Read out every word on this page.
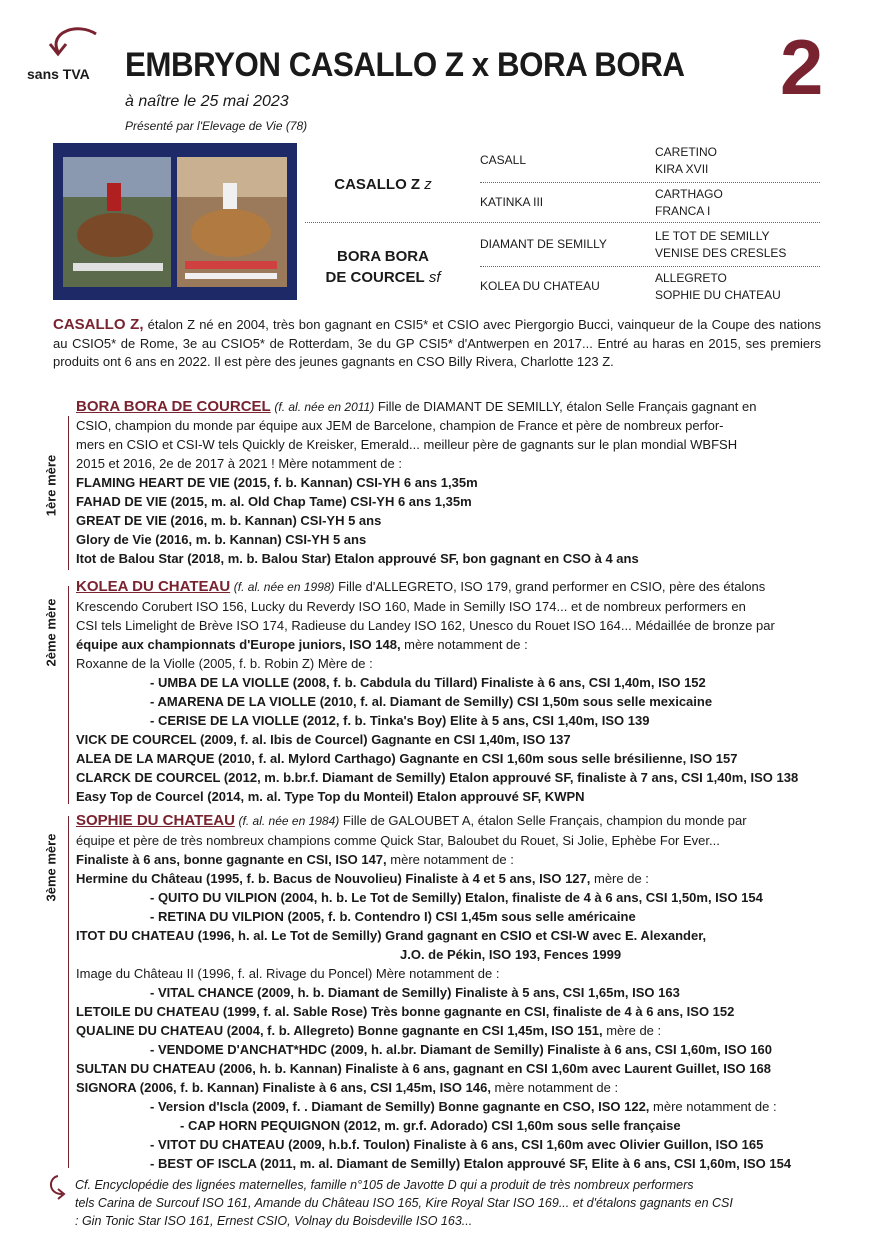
sans TVA EMBRYON CASALLO Z x BORA BORA 2
à naître le 25 mai 2023
Présenté par l'Elevage de Vie (78)
CASALLO Z z
BORA BORA
DE COURCEL sf
CASALL
KATINKA III
DIAMANT DE SEMILLY
KOLEA DU CHATEAU
CARETINO
KIRA XVII
CARTHAGO
FRANCA I
LE TOT DE SEMILLY
VENISE DES CRESLES
ALLEGRETO
SOPHIE DU CHATEAU
CASALLO Z, étalon Z né en 2004, très bon gagnant en CSI5* et CSIO avec Piergorgio Bucci, vainqueur de la Coupe des nations au CSIO5* de Rome, 3e au CSIO5* de Rotterdam, 3e du GP CSI5* d'Antwerpen en 2017... Entré au haras en 2015, ses premiers produits ont 6 ans en 2022. Il est père des jeunes gagnants en CSO Billy Rivera, Charlotte 123 Z.
1ère mère
2ème mère
3ème mère
BORA BORA DE COURCEL (f. al. née en 2011) Fille de DIAMANT DE SEMILLY, étalon Selle Français gagnant en
CSIO, champion du monde par équipe aux JEM de Barcelone, champion de France et père de nombreux perfor-
mers en CSIO et CSI-W tels Quickly de Kreisker, Emerald... meilleur père de gagnants sur le plan mondial WBFSH
2015 et 2016, 2e de 2017 à 2021 ! Mère notamment de :
FLAMING HEART DE VIE (2015, f. b. Kannan) CSI-YH 6 ans 1,35m
FAHAD DE VIE (2015, m. al. Old Chap Tame) CSI-YH 6 ans 1,35m
GREAT DE VIE (2016, m. b. Kannan) CSI-YH 5 ans
Glory de Vie (2016, m. b. Kannan) CSI-YH 5 ans
Itot de Balou Star (2018, m. b. Balou Star) Etalon approuvé SF, bon gagnant en CSO à 4 ans
KOLEA DU CHATEAU (f. al. née en 1998) Fille d'ALLEGRETO, ISO 179, grand performer en CSIO, père des étalons
Krescendo Corubert ISO 156, Lucky du Reverdy ISO 160, Made in Semilly ISO 174... et de nombreux performers en
CSI tels Limelight de Brève ISO 174, Radieuse du Landey ISO 162, Unesco du Rouet ISO 164... Médaillée de bronze par
équipe aux championnats d'Europe juniors, ISO 148, mère notamment de :
Roxanne de la Violle (2005, f. b. Robin Z) Mère de :
- UMBA DE LA VIOLLE (2008, f. b. Cabdula du Tillard) Finaliste à 6 ans, CSI 1,40m, ISO 152
- AMARENA DE LA VIOLLE (2010, f. al. Diamant de Semilly) CSI 1,50m sous selle mexicaine
- CERISE DE LA VIOLLE (2012, f. b. Tinka's Boy) Elite à 5 ans, CSI 1,40m, ISO 139
VICK DE COURCEL (2009, f. al. Ibis de Courcel) Gagnante en CSI 1,40m, ISO 137
ALEA DE LA MARQUE (2010, f. al. Mylord Carthago) Gagnante en CSI 1,60m sous selle brésilienne, ISO 157
CLARCK DE COURCEL (2012, m. b.br.f. Diamant de Semilly) Etalon approuvé SF, finaliste à 7 ans, CSI 1,40m, ISO 138
Easy Top de Courcel (2014, m. al. Type Top du Monteil) Etalon approuvé SF, KWPN
SOPHIE DU CHATEAU (f. al. née en 1984) Fille de GALOUBET A, étalon Selle Français, champion du monde par
équipe et père de très nombreux champions comme Quick Star, Baloubet du Rouet, Si Jolie, Ephèbe For Ever...
Finaliste à 6 ans, bonne gagnante en CSI, ISO 147, mère notamment de :
Hermine du Château (1995, f. b. Bacus de Nouvolieu) Finaliste à 4 et 5 ans, ISO 127, mère de :
- QUITO DU VILPION (2004, h. b. Le Tot de Semilly) Etalon, finaliste de 4 à 6 ans, CSI 1,50m, ISO 154
- RETINA DU VILPION (2005, f. b. Contendro I) CSI 1,45m sous selle américaine
ITOT DU CHATEAU (1996, h. al. Le Tot de Semilly) Grand gagnant en CSIO et CSI-W avec E. Alexander,
J.O. de Pékin, ISO 193, Fences 1999
Image du Château II (1996, f. al. Rivage du Poncel) Mère notamment de :
- VITAL CHANCE (2009, h. b. Diamant de Semilly) Finaliste à 5 ans, CSI 1,65m, ISO 163
LETOILE DU CHATEAU (1999, f. al. Sable Rose) Très bonne gagnante en CSI, finaliste de 4 à 6 ans, ISO 152
QUALINE DU CHATEAU (2004, f. b. Allegreto) Bonne gagnante en CSI 1,45m, ISO 151, mère de :
- VENDOME D'ANCHAT*HDC (2009, h. al.br. Diamant de Semilly) Finaliste à 6 ans, CSI 1,60m, ISO 160
SULTAN DU CHATEAU (2006, h. b. Kannan) Finaliste à 6 ans, gagnant en CSI 1,60m avec Laurent Guillet, ISO 168
SIGNORA (2006, f. b. Kannan) Finaliste à 6 ans, CSI 1,45m, ISO 146, mère notamment de :
- Version d'Iscla (2009, f. . Diamant de Semilly) Bonne gagnante en CSO, ISO 122, mère notamment de :
- CAP HORN PEQUIGNON (2012, m. gr.f. Adorado) CSI 1,60m sous selle française
- VITOT DU CHATEAU (2009, h.b.f. Toulon) Finaliste à 6 ans, CSI 1,60m avec Olivier Guillon, ISO 165
- BEST OF ISCLA (2011, m. al. Diamant de Semilly) Etalon approuvé SF, Elite à 6 ans, CSI 1,60m, ISO 154
Cf. Encyclopédie des lignées maternelles, famille n°105 de Javotte D qui a produit de très nombreux performers
tels Carina de Surcouf ISO 161, Amande du Château ISO 165, Kire Royal Star ISO 169... et d'étalons gagnants en CSI
: Gin Tonic Star ISO 161, Ernest CSIO, Volnay du Boisdeville ISO 163...
